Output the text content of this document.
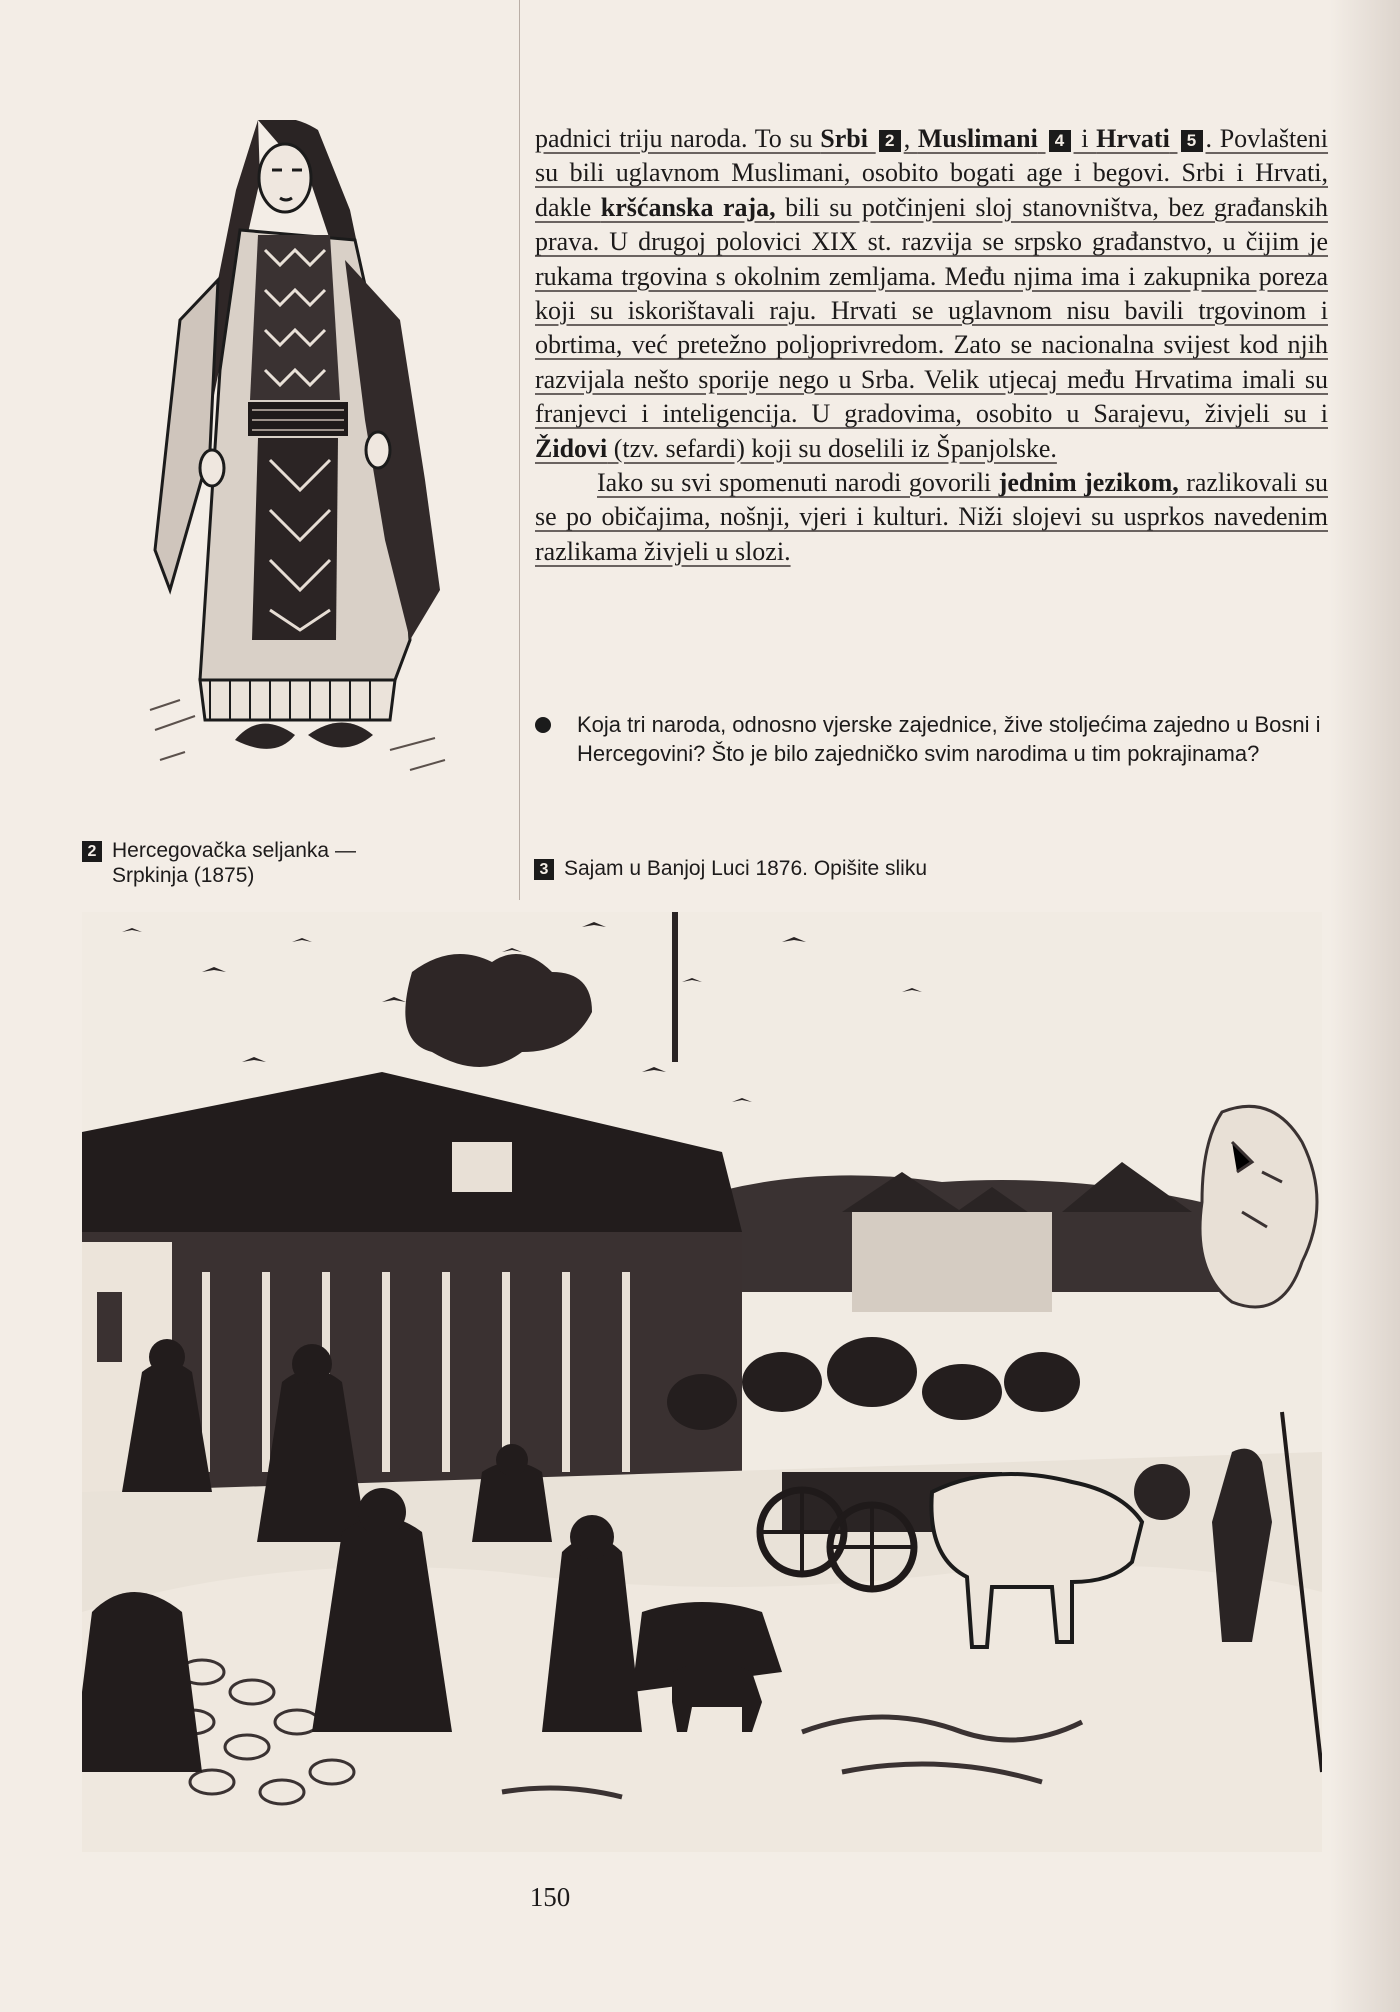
2 Hercegovačka seljanka — Srpkinja (1875)

padnici triju naroda. To su Srbi 2 , Muslimani 4 i Hrvati 5 . Povlašteni su bili uglavnom Muslimani, osobito bogati age i begovi. Srbi i Hrvati, dakle kršćanska raja, bili su potčinjeni sloj stanovništva, bez građanskih prava. U drugoj polovici XIX st. razvija se srpsko građanstvo, u čijim je rukama trgovina s okolnim zemljama. Među njima ima i zakupnika poreza koji su iskorištavali raju. Hrvati se uglavnom nisu bavili trgovinom i obrtima, već pretežno poljoprivredom. Zato se nacionalna svijest kod njih razvijala nešto sporije nego u Srba. Velik utjecaj među Hrvatima imali su franjevci i inteligencija. U gradovima, osobito u Sarajevu, živjeli su i Židovi (tzv. sefardi) koji su doselili iz Španjolske.

Iako su svi spomenuti narodi govorili jednim jezikom, razlikovali su se po običajima, nošnji, vjeri i kulturi. Niži slojevi su usprkos navedenim razlikama živjeli u slozi.

Koja tri naroda, odnosno vjerske zajednice, žive stoljećima zajedno u Bosni i Hercegovini? Što je bilo zajedničko svim narodima u tim pokrajinama?
3 Sajam u Banjoj Luci 1876. Opišite sliku
150
